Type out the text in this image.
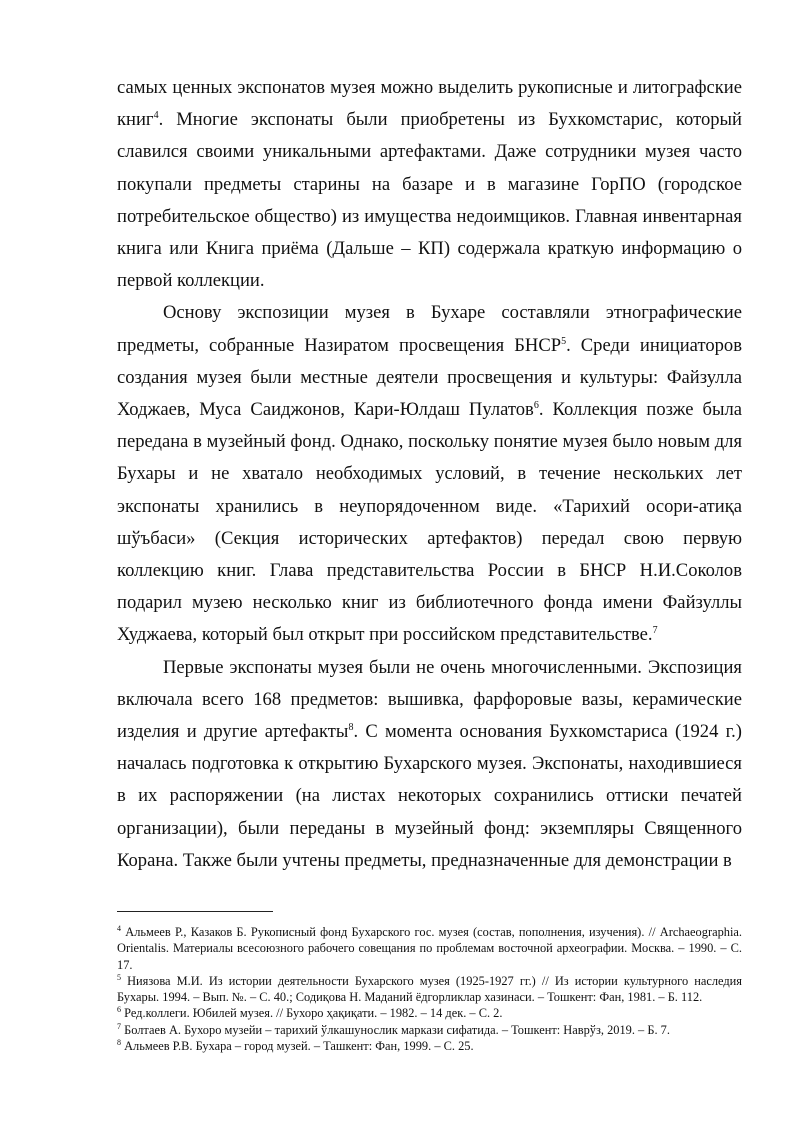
самых ценных экспонатов музея можно выделить рукописные и литографские книг$^4$. Многие экспонаты были приобретены из Бухкомстарис, который славился своими уникальными артефактами. Даже сотрудники музея часто покупали предметы старины на базаре и в магазине ГорПО (городское потребительское общество) из имущества недоимщиков. Главная инвентарная книга или Книга приёма (Дальше – КП) содержала краткую информацию о первой коллекции.

Основу экспозиции музея в Бухаре составляли этнографические предметы, собранные Назиратом просвещения БНСР$^5$. Среди инициаторов создания музея были местные деятели просвещения и культуры: Файзулла Ходжаев, Муса Саиджонов, Кари-Юлдаш Пулатов$^6$. Коллекция позже была передана в музейный фонд. Однако, поскольку понятие музея было новым для Бухары и не хватало необходимых условий, в течение нескольких лет экспонаты хранились в неупорядоченном виде. «Тарихий осори-атиқа шўъбаси» (Секция исторических артефактов) передал свою первую коллекцию книг. Глава представительства России в БНСР Н.И.Соколов подарил музею несколько книг из библиотечного фонда имени Файзуллы Худжаева, который был открыт при российском представительстве.$^7$

Первые экспонаты музея были не очень многочисленными. Экспозиция включала всего 168 предметов: вышивка, фарфоровые вазы, керамические изделия и другие артефакты$^8$. С момента основания Бухкомстариса (1924 г.) началась подготовка к открытию Бухарского музея. Экспонаты, находившиеся в их распоряжении (на листах некоторых сохранились оттиски печатей организации), были переданы в музейный фонд: экземпляры Священного Корана. Также были учтены предметы, предназначенные для демонстрации в

$^4$ Альмеев Р., Казаков Б. Рукописный фонд Бухарского гос. музея (состав, пополнения, изучения). // Archaeographia. Orientalis. Материалы всесоюзного рабочего совещания по проблемам восточной археографии. Москва. – 1990. – С. 17.

$^5$ Ниязова М.И. Из истории деятельности Бухарского музея (1925-1927 гг.) // Из истории культурного наследия Бухары. 1994. – Вып. №. – С. 40.; Содиқова Н. Маданий ёдгорликлар хазинаси. – Тошкент: Фан, 1981. – Б. 112.

$^6$ Ред.коллеги. Юбилей музея. // Бухоро ҳақиқати. – 1982. – 14 дек. – С. 2.

$^7$ Болтаев А. Бухоро музейи – тарихий ўлкашунослик маркази сифатида. – Тошкент: Наврўз, 2019. – Б. 7.

$^8$ Альмеев Р.В. Бухара – город музей. – Ташкент: Фан, 1999. – С. 25.
